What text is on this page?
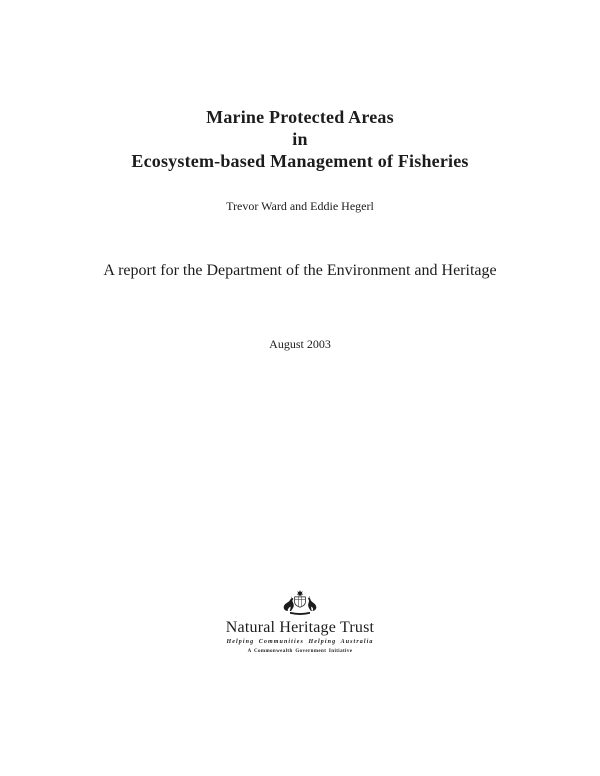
Marine Protected Areas
in
Ecosystem-based Management of Fisheries
Trevor Ward and Eddie Hegerl
A report for the Department of the Environment and Heritage
August 2003
Natural Heritage Trust
Helping Communities Helping Australia
A Commonwealth Government Initiative
